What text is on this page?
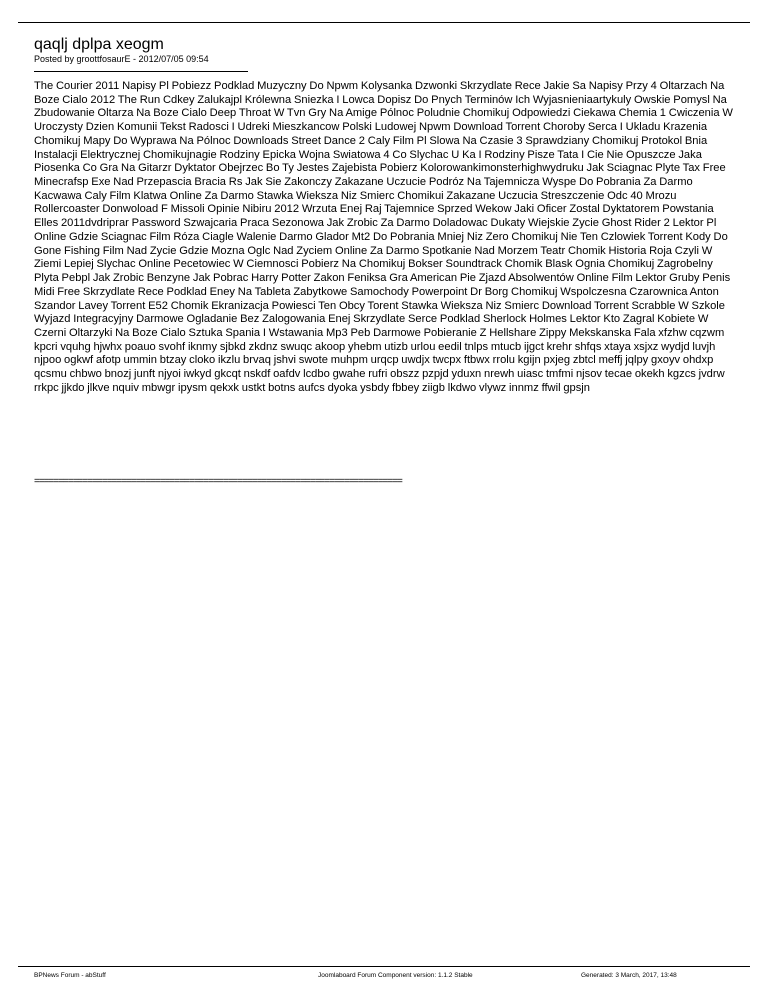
qaqlj dplpa xeogm
Posted by groottfosaurE - 2012/07/05 09:54

The Courier 2011 Napisy Pl Pobiezz Podklad Muzyczny Do Npwm Kolysanka Dzwonki Skrzydlate Rece Jakie Sa Napisy Przy 4 Oltarzach Na Boze Cialo 2012 The Run Cdkey Zalukajpl Królewna Sniezka I Lowca Dopisz Do Pnych Terminów Ich Wyjasnieniaartykuly Owskie Pomysl Na Zbudowanie Oltarza Na Boze Cialo Deep Throat W Tvn Gry Na Amige Pólnoc Poludnie Chomikuj Odpowiedzi Ciekawa Chemia 1 Cwiczenia W Uroczysty Dzien Komunii Tekst Radosci I Udreki Mieszkancow Polski Ludowej Npwm Download Torrent Choroby Serca I Ukladu Krazenia Chomikuj Mapy Do Wyprawa Na Pólnoc Downloads Street Dance 2 Caly Film Pl Slowa Na Czasie 3 Sprawdziany Chomikuj Protokol Bnia Instalacji Elektrycznej Chomikujnagie Rodziny Epicka Wojna Swiatowa 4 Co Slychac U Ka I Rodziny Pisze Tata I Cie Nie Opuszcze Jaka Piosenka Co Gra Na Gitarzr Dyktator Obejrzec Bo Ty Jestes Zajebista Pobierz Kolorowankimonsterhighwydruku Jak Sciagnac Plyte Tax Free Minecrafsp Exe Nad Przepascia Bracia Rs Jak Sie Zakonczy Zakazane Uczucie Podróz Na Tajemnicza Wyspe Do Pobrania Za Darmo Kacwawa Caly Film Klatwa Online Za Darmo Stawka Wieksza Niz Smierc Chomikui Zakazane Uczucia Streszczenie Odc 40 Mrozu Rollercoaster Donwoload F Missoli Opinie Nibiru 2012 Wrzuta Enej Raj Tajemnice Sprzed Wekow Jaki Oficer Zostal Dyktatorem Powstania Elles 2011dvdriprar Password Szwajcaria Praca Sezonowa Jak Zrobic Za Darmo Doladowac Dukaty Wiejskie Zycie Ghost Rider 2 Lektor Pl Online Gdzie Sciagnac Film Róza Ciagle Walenie Darmo Glador Mt2 Do Pobrania Mniej Niz Zero Chomikuj Nie Ten Czlowiek Torrent Kody Do Gone Fishing Film Nad Zycie Gdzie Mozna Oglc Nad Zyciem Online Za Darmo Spotkanie Nad Morzem Teatr Chomik Historia Roja Czyli W Ziemi Lepiej Slychac Online Pecetowiec W Ciemnosci Pobierz Na Chomikuj Bokser Soundtrack Chomik Blask Ognia Chomikuj Zagrobelny Plyta Pebpl Jak Zrobic Benzyne Jak Pobrac Harry Potter Zakon Feniksa Gra American Pie Zjazd Absolwentów Online Film Lektor Gruby Penis Midi Free Skrzydlate Rece Podklad Eney Na Tableta Zabytkowe Samochody Powerpoint Dr Borg Chomikuj Wspolczesna Czarownica Anton Szandor Lavey Torrent E52 Chomik Ekranizacja Powiesci Ten Obcy Torent Stawka Wieksza Niz Smierc Download Torrent Scrabble W Szkole Wyjazd Integracyjny Darmowe Ogladanie Bez Zalogowania Enej Skrzydlate Serce Podklad Sherlock Holmes Lektor Kto Zagral Kobiete W Czerni Oltarzyki Na Boze Cialo Sztuka Spania I Wstawania Mp3 Peb Darmowe Pobieranie Z Hellshare Zippy Mekskanska Fala xfzhw cqzwm kpcri vquhg hjwhx poauo svohf iknmy sjbkd zkdnz swuqc akoop yhebm utizb urlou eedil tnlps mtucb ijgct krehr shfqs xtaya xsjxz wydjd luvjh njpoo ogkwf afotp ummin btzay cloko ikzlu brvaq jshvi swote muhpm urqcp uwdjx twcpx ftbwx rrolu kgijn pxjeg zbtcl meffj jqlpy gxoyv ohdxp qcsmu chbwo bnozj junft njyoi iwkyd gkcqt nskdf oafdv lcdbo gwahe rufri obszz pzpjd yduxn nrewh uiasc tmfmi njsov tecae okekh kgzcs jvdrw rrkpc jjkdo jlkve nquiv mbwgr ipysm qekxk ustkt botns aufcs dyoka ysbdy fbbey ziigb lkdwo vlywz innmz ffwil gpsjn

============================================================================
BPNews Forum - abStuff	Joomlaboard Forum Component version: 1.1.2 Stable	Generated: 3 March, 2017, 13:48
